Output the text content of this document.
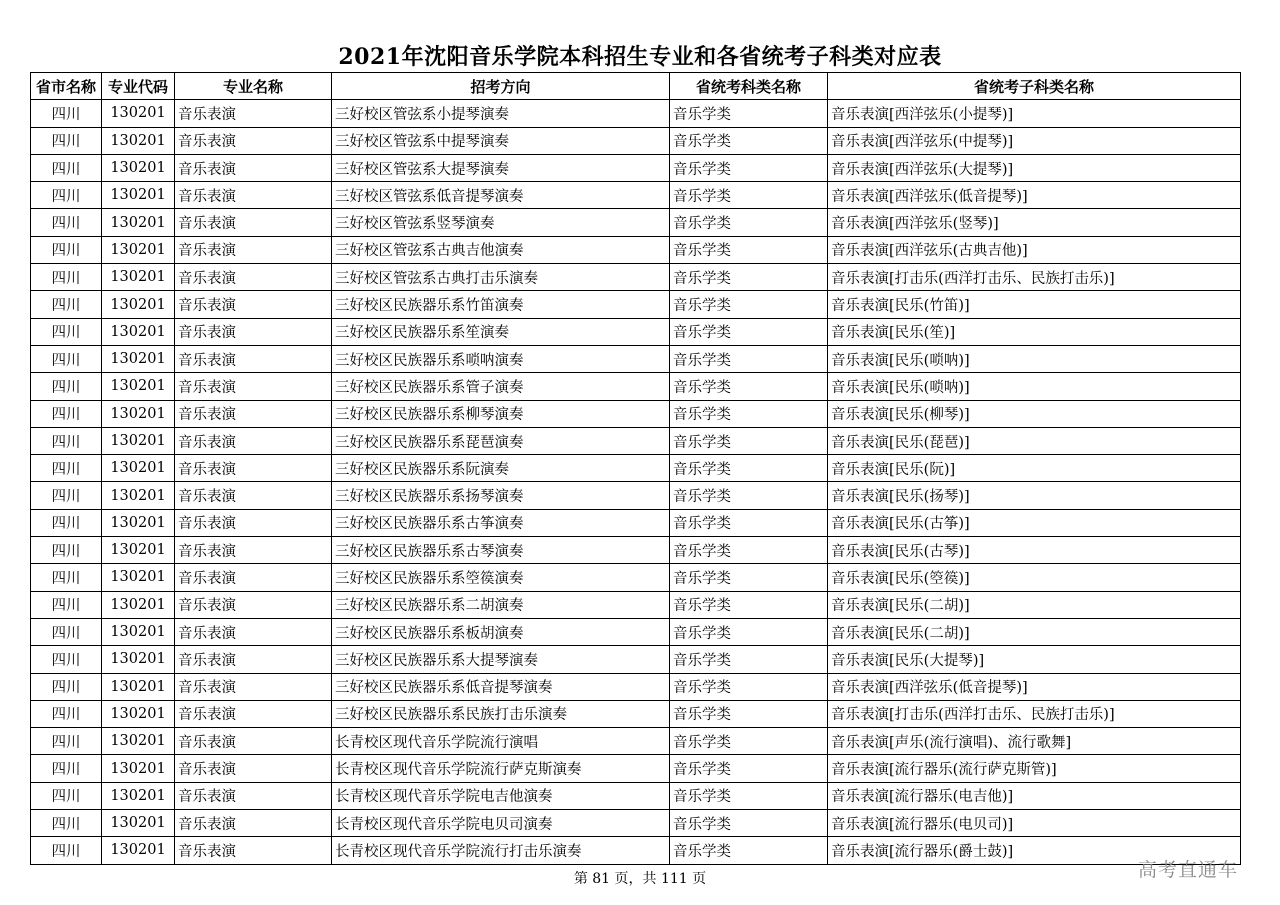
2021年沈阳音乐学院本科招生专业和各省统考子科类对应表
省市名称	专业代码	专业名称	招考方向	省统考科类名称	省统考子科类名称
四川	130201	音乐表演	三好校区管弦系小提琴演奏	音乐学类	音乐表演[西洋弦乐(小提琴)]
四川	130201	音乐表演	三好校区管弦系中提琴演奏	音乐学类	音乐表演[西洋弦乐(中提琴)]
四川	130201	音乐表演	三好校区管弦系大提琴演奏	音乐学类	音乐表演[西洋弦乐(大提琴)]
四川	130201	音乐表演	三好校区管弦系低音提琴演奏	音乐学类	音乐表演[西洋弦乐(低音提琴)]
四川	130201	音乐表演	三好校区管弦系竖琴演奏	音乐学类	音乐表演[西洋弦乐(竖琴)]
四川	130201	音乐表演	三好校区管弦系古典吉他演奏	音乐学类	音乐表演[西洋弦乐(古典吉他)]
四川	130201	音乐表演	三好校区管弦系古典打击乐演奏	音乐学类	音乐表演[打击乐(西洋打击乐、民族打击乐)]
四川	130201	音乐表演	三好校区民族器乐系竹笛演奏	音乐学类	音乐表演[民乐(竹笛)]
四川	130201	音乐表演	三好校区民族器乐系笙演奏	音乐学类	音乐表演[民乐(笙)]
四川	130201	音乐表演	三好校区民族器乐系唢呐演奏	音乐学类	音乐表演[民乐(唢呐)]
四川	130201	音乐表演	三好校区民族器乐系管子演奏	音乐学类	音乐表演[民乐(唢呐)]
四川	130201	音乐表演	三好校区民族器乐系柳琴演奏	音乐学类	音乐表演[民乐(柳琴)]
四川	130201	音乐表演	三好校区民族器乐系琵琶演奏	音乐学类	音乐表演[民乐(琵琶)]
四川	130201	音乐表演	三好校区民族器乐系阮演奏	音乐学类	音乐表演[民乐(阮)]
四川	130201	音乐表演	三好校区民族器乐系扬琴演奏	音乐学类	音乐表演[民乐(扬琴)]
四川	130201	音乐表演	三好校区民族器乐系古筝演奏	音乐学类	音乐表演[民乐(古筝)]
四川	130201	音乐表演	三好校区民族器乐系古琴演奏	音乐学类	音乐表演[民乐(古琴)]
四川	130201	音乐表演	三好校区民族器乐系箜篌演奏	音乐学类	音乐表演[民乐(箜篌)]
四川	130201	音乐表演	三好校区民族器乐系二胡演奏	音乐学类	音乐表演[民乐(二胡)]
四川	130201	音乐表演	三好校区民族器乐系板胡演奏	音乐学类	音乐表演[民乐(二胡)]
四川	130201	音乐表演	三好校区民族器乐系大提琴演奏	音乐学类	音乐表演[民乐(大提琴)]
四川	130201	音乐表演	三好校区民族器乐系低音提琴演奏	音乐学类	音乐表演[西洋弦乐(低音提琴)]
四川	130201	音乐表演	三好校区民族器乐系民族打击乐演奏	音乐学类	音乐表演[打击乐(西洋打击乐、民族打击乐)]
四川	130201	音乐表演	长青校区现代音乐学院流行演唱	音乐学类	音乐表演[声乐(流行演唱)、流行歌舞]
四川	130201	音乐表演	长青校区现代音乐学院流行萨克斯演奏	音乐学类	音乐表演[流行器乐(流行萨克斯管)]
四川	130201	音乐表演	长青校区现代音乐学院电吉他演奏	音乐学类	音乐表演[流行器乐(电吉他)]
四川	130201	音乐表演	长青校区现代音乐学院电贝司演奏	音乐学类	音乐表演[流行器乐(电贝司)]
四川	130201	音乐表演	长青校区现代音乐学院流行打击乐演奏	音乐学类	音乐表演[流行器乐(爵士鼓)]
第 81 页，共 111 页	高考直通车
